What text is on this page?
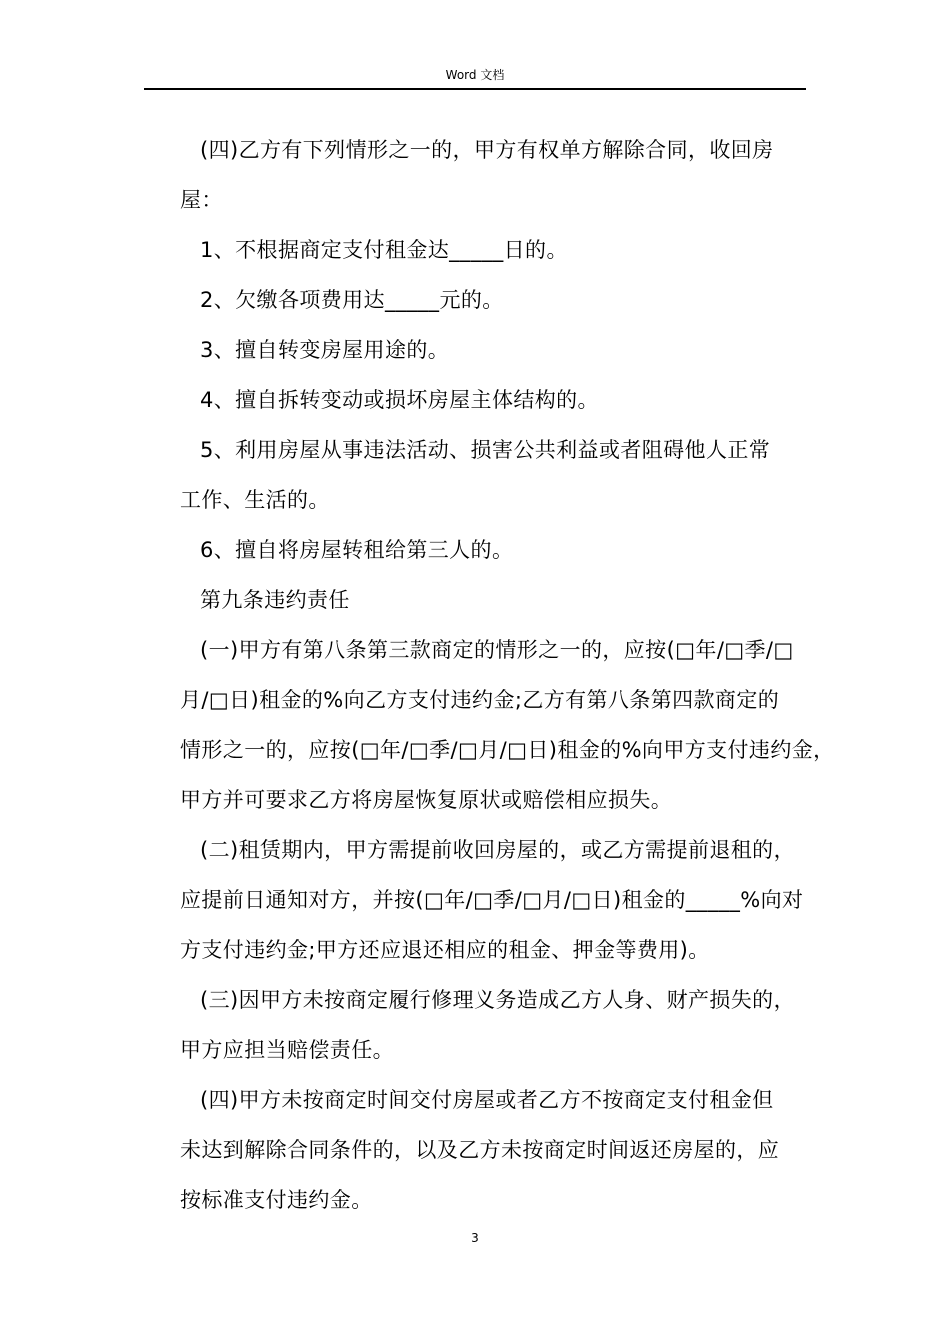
Word 文档
(四)乙方有下列情形之一的，甲方有权单方解除合同，收回房
屋：
1、不根据商定支付租金达_____日的。
2、欠缴各项费用达_____元的。
3、擅自转变房屋用途的。
4、擅自拆转变动或损坏房屋主体结构的。
5、利用房屋从事违法活动、损害公共利益或者阻碍他人正常
工作、生活的。
6、擅自将房屋转租给第三人的。
第九条违约责任
(一)甲方有第八条第三款商定的情形之一的，应按(□年/□季/□
月/□日)租金的%向乙方支付违约金;乙方有第八条第四款商定的
情形之一的，应按(□年/□季/□月/□日)租金的%向甲方支付违约金，
甲方并可要求乙方将房屋恢复原状或赔偿相应损失。
(二)租赁期内，甲方需提前收回房屋的，或乙方需提前退租的，
应提前日通知对方，并按(□年/□季/□月/□日)租金的_____%向对
方支付违约金;甲方还应退还相应的租金、押金等费用)。
(三)因甲方未按商定履行修理义务造成乙方人身、财产损失的，
甲方应担当赔偿责任。
(四)甲方未按商定时间交付房屋或者乙方不按商定支付租金但
未达到解除合同条件的，以及乙方未按商定时间返还房屋的，应
按标准支付违约金。
3
